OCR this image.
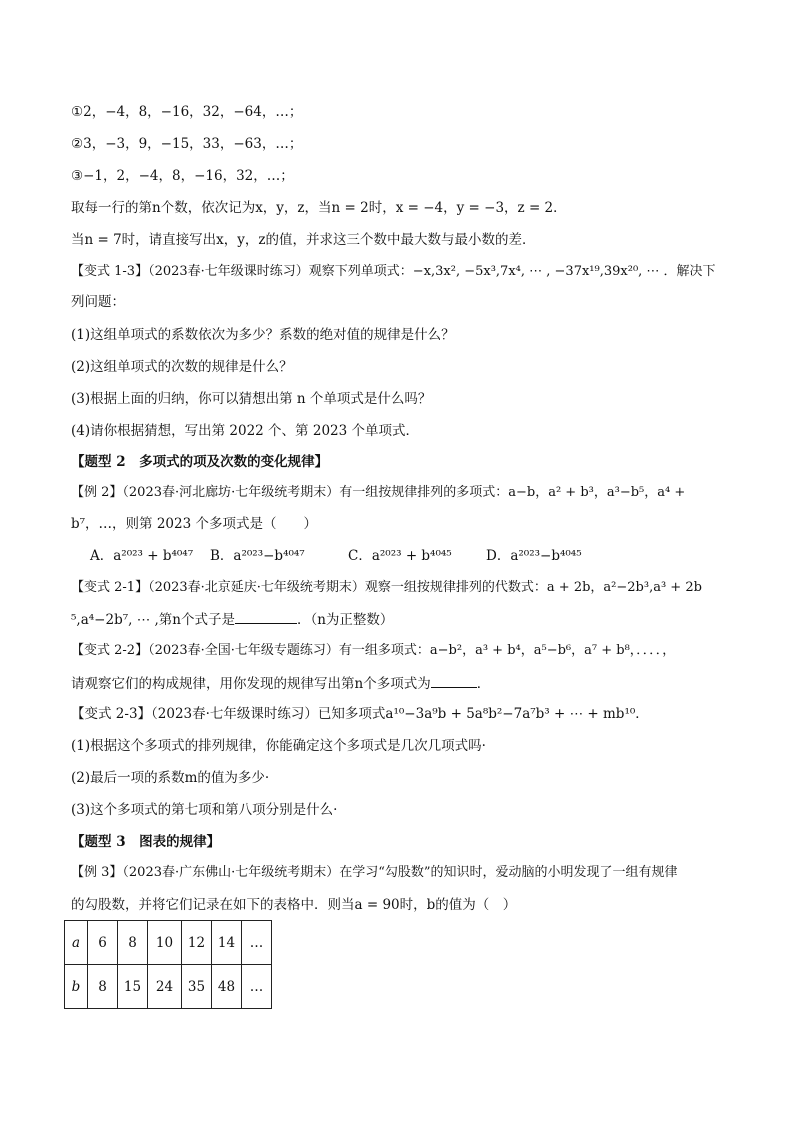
①2，−4，8，−16，32，−64，…；
②3，−3，9，−15，33，−63，…；
③−1，2，−4，8，−16，32，…；
取每一行的第n个数，依次记为x，y，z，当n = 2时，x = −4，y = −3，z = 2．
当n = 7时，请直接写出x，y，z的值，并求这三个数中最大数与最小数的差．
【变式 1-3】（2023春·七年级课时练习）观察下列单项式：−x,3x², −5x³,7x⁴, ⋯ , −37x¹⁹,39x²⁰, ⋯ ．解决下
列问题：
(1)这组单项式的系数依次为多少？系数的绝对值的规律是什么？
(2)这组单项式的次数的规律是什么？
(3)根据上面的归纳，你可以猜想出第 n 个单项式是什么吗？
(4)请你根据猜想，写出第 2022 个、第 2023 个单项式．
【题型 2　多项式的项及次数的变化规律】
【例 2】（2023春·河北廊坊·七年级统考期末）有一组按规律排列的多项式：a−b，a² + b³，a³−b⁵，a⁴ +
b⁷，…，则第 2023 个多项式是（　　）
A．a²⁰²³ + b⁴⁰⁴⁷ B．a²⁰²³−b⁴⁰⁴⁷	C．a²⁰²³ + b⁴⁰⁴⁵	D．a²⁰²³−b⁴⁰⁴⁵
【变式 2-1】（2023春·北京延庆·七年级统考期末）观察一组按规律排列的代数式：a + 2b，a²−2b³,a³ + 2b
⁵,a⁴−2b⁷, ⋯ ,第n个式子是	．（n为正整数）
【变式 2-2】（2023春·全国·七年级专题练习）有一组多项式：a−b²，a³ + b⁴，a⁵−b⁶，a⁷ + b⁸，．．．．，
请观察它们的构成规律，用你发现的规律写出第n个多项式为	．
【变式 2-3】（2023春·七年级课时练习）已知多项式a¹⁰−3a⁹b + 5a⁸b²−7a⁷b³ + ⋯ + mb¹⁰．
(1)根据这个多项式的排列规律，你能确定这个多项式是几次几项式吗·
(2)最后一项的系数m的值为多少·
(3)这个多项式的第七项和第八项分别是什么·
【题型 3　图表的规律】
【例 3】（2023春·广东佛山·七年级统考期末）在学习“勾股数”的知识时，爱动脑的小明发现了一组有规律
的勾股数，并将它们记录在如下的表格中．则当a = 90时，b的值为（　）
a	6	8	10	12	14	…
b	8	15	24	35	48	…
